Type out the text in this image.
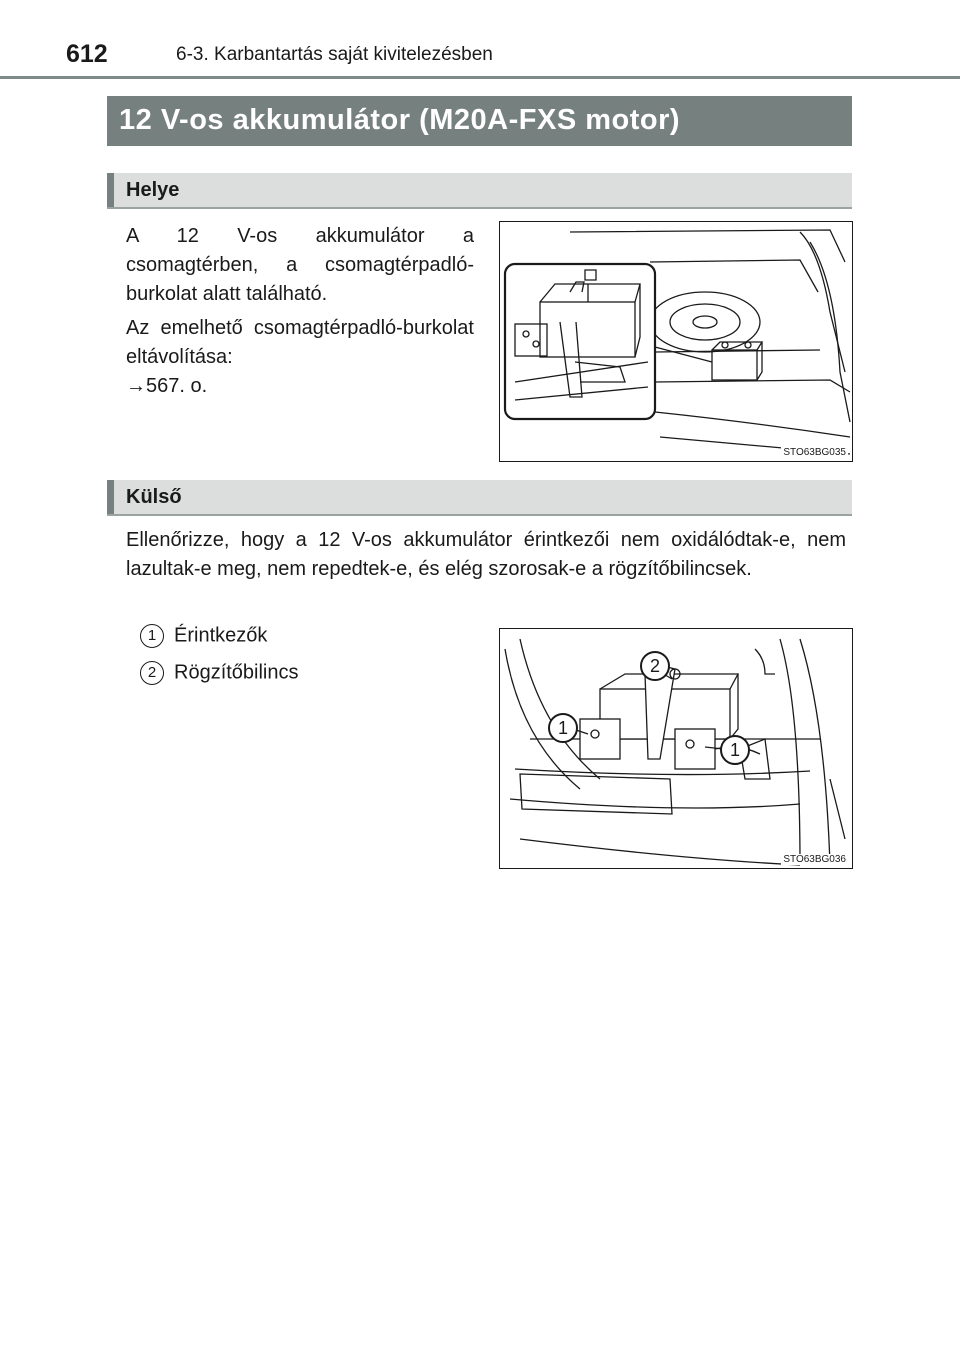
612	6-3. Karbantartás saját kivitelezésben
12 V-os akkumulátor (M20A-FXS motor)
Helye
A 12 V-os akkumulátor a csomagtérben, a csomagtérpadló-burkolat alatt található.
Az emelhető csomagtérpadló-burkolat eltávolítása:
→567. o.
STO63BG035
Külső
Ellenőrizze, hogy a 12 V-os akkumulátor érintkezői nem oxidálódtak-e, nem lazultak-e meg, nem repedtek-e, és elég szorosak-e a rögzítőbilincsek.
1 Érintkezők
2 Rögzítőbilincs
1
2
1
STO63BG036
